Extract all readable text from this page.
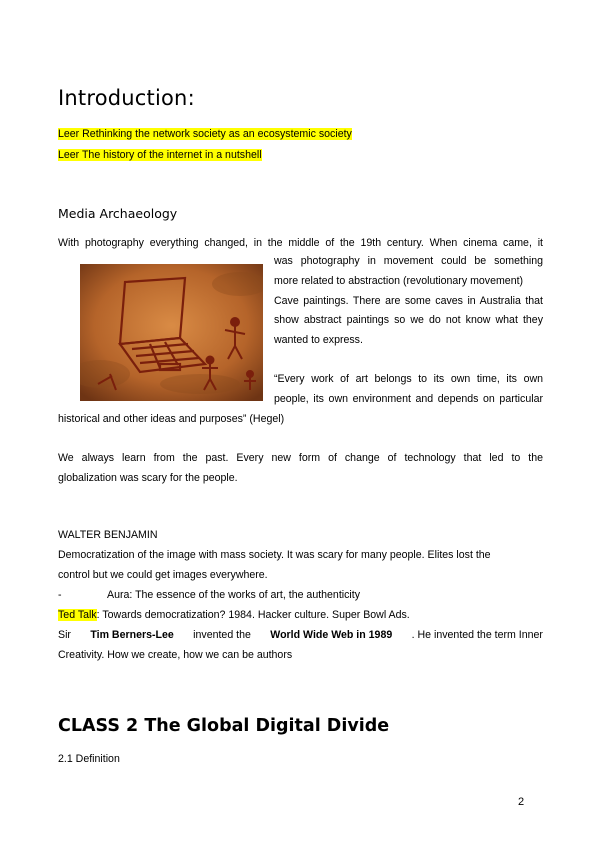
Introduction:
Leer Rethinking the network society as an ecosystemic society
Leer The history of the internet in a nutshell
Media Archaeology
With photography everything changed, in the middle of the 19th century. When cinema came, it
was photography in movement could be something
more related to abstraction (revolutionary movement)
Cave paintings. There are some caves in Australia that
show abstract paintings so we do not know what they
wanted to express.
“Every work of art belongs to its own time, its own
people, its own environment and depends on particular
historical and other ideas and purposes” (Hegel)
We always learn from the past. Every new form of change of technology that led to the
globalization was scary for the people.
WALTER BENJAMIN
Democratization of the image with mass society. It was scary for many people. Elites lost the
control but we could get images everywhere.
-	Aura: The essence of the works of art, the authenticity
Ted Talk: Towards democratization? 1984. Hacker culture. Super Bowl Ads.
Sir Tim Berners-Lee invented the World Wide Web in 1989 . He invented the term Inner
Creativity. How we create, how we can be authors
CLASS 2 The Global Digital Divide
2.1 Definition
2
